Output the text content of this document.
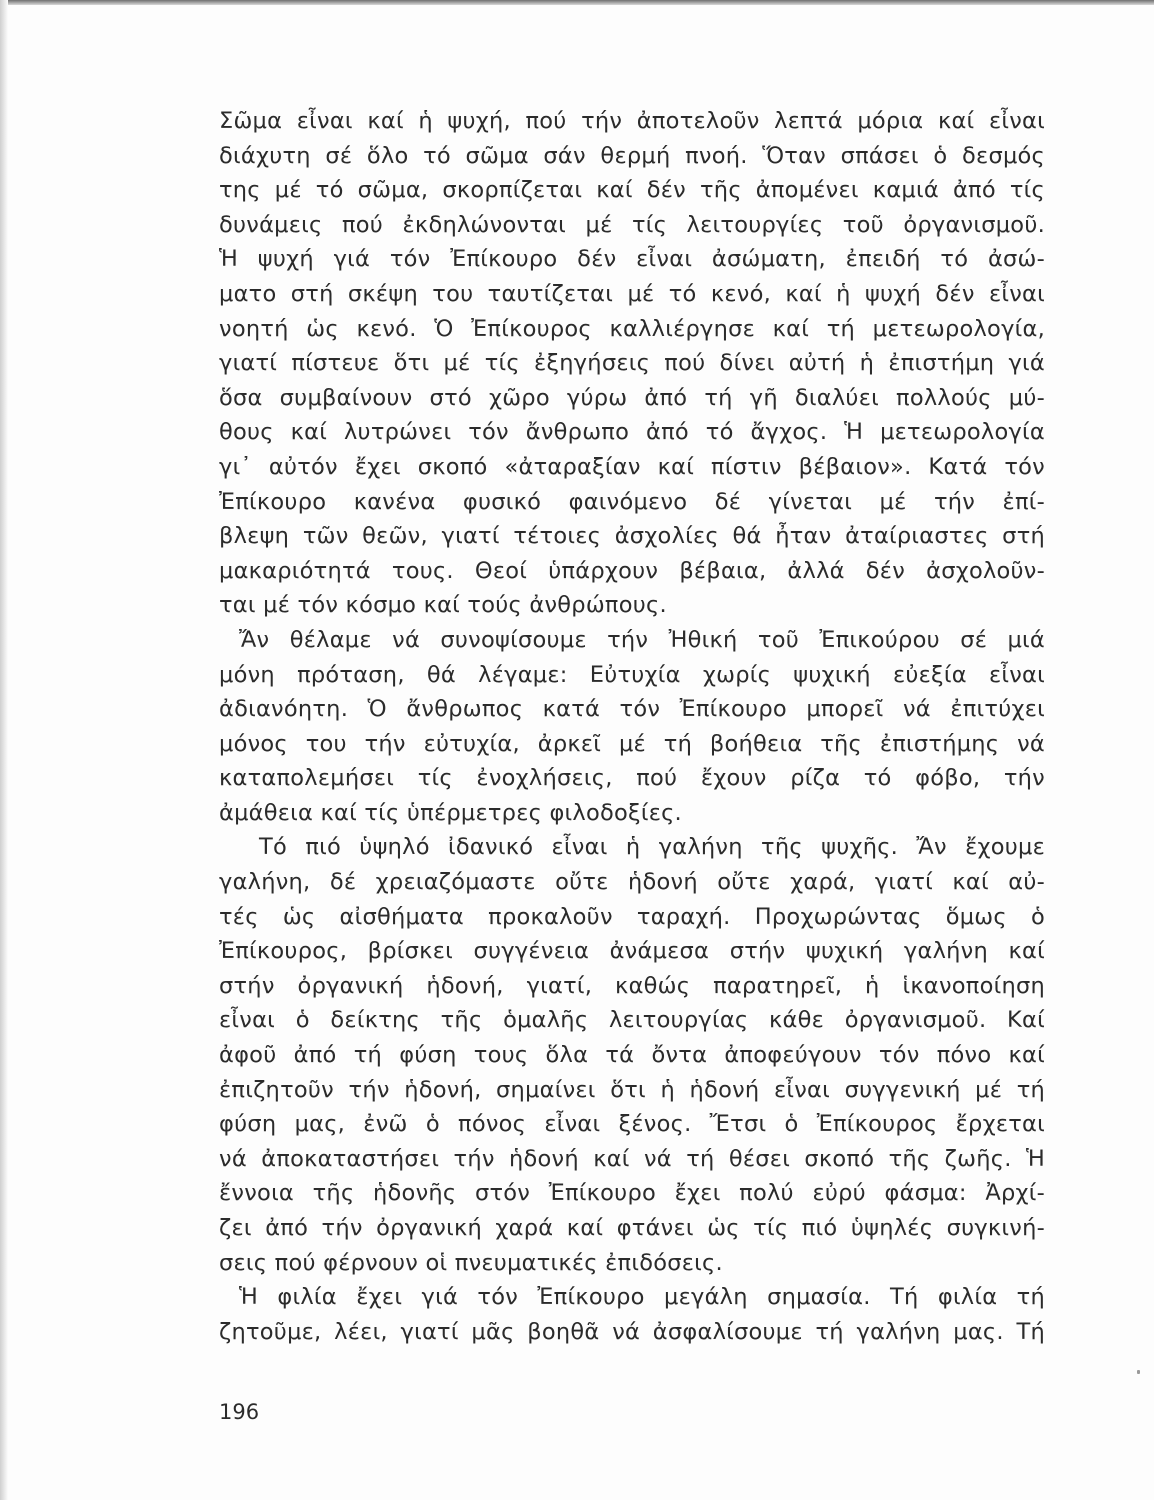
Σῶμα εἶναι καί ἡ ψυχή, πού τήν ἀποτελοῦν λεπτά μόρια καί εἶναι
διάχυτη σέ ὅλο τό σῶμα σάν θερμή πνοή. Ὅταν σπάσει ὁ δεσμός
της μέ τό σῶμα, σκορπίζεται καί δέν τῆς ἀπομένει καμιά ἀπό τίς
δυνάμεις πού ἐκδηλώνονται μέ τίς λειτουργίες τοῦ ὀργανισμοῦ.
Ἡ ψυχή γιά τόν Ἐπίκουρο δέν εἶναι ἀσώματη, ἐπειδή τό ἀσώ-
ματο στή σκέψη του ταυτίζεται μέ τό κενό, καί ἡ ψυχή δέν εἶναι
νοητή ὡς κενό. Ὁ Ἐπίκουρος καλλιέργησε καί τή μετεωρολογία,
γιατί πίστευε ὅτι μέ τίς ἐξηγήσεις πού δίνει αὐτή ἡ ἐπιστήμη γιά
ὅσα συμβαίνουν στό χῶρο γύρω ἀπό τή γῆ διαλύει πολλούς μύ-
θους καί λυτρώνει τόν ἄνθρωπο ἀπό τό ἄγχος. Ἡ μετεωρολογία
γι᾽ αὐτόν ἔχει σκοπό «ἀταραξίαν καί πίστιν βέβαιον». Κατά τόν
Ἐπίκουρο κανένα φυσικό φαινόμενο δέ γίνεται μέ τήν ἐπί-
βλεψη τῶν θεῶν, γιατί τέτοιες ἀσχολίες θά ἦταν ἀταίριαστες στή
μακαριότητά τους. Θεοί ὑπάρχουν βέβαια, ἀλλά δέν ἀσχολοῦν-
ται μέ τόν κόσμο καί τούς ἀνθρώπους.
Ἄν θέλαμε νά συνοψίσουμε τήν Ἠθική τοῦ Ἐπικούρου σέ μιά
μόνη πρόταση, θά λέγαμε: Εὐτυχία χωρίς ψυχική εὐεξία εἶναι
ἀδιανόητη. Ὁ ἄνθρωπος κατά τόν Ἐπίκουρο μπορεῖ νά ἐπιτύχει
μόνος του τήν εὐτυχία, ἀρκεῖ μέ τή βοήθεια τῆς ἐπιστήμης νά
καταπολεμήσει τίς ἐνοχλήσεις, πού ἔχουν ρίζα τό φόβο, τήν
ἀμάθεια καί τίς ὑπέρμετρες φιλοδοξίες.
Τό πιό ὑψηλό ἰδανικό εἶναι ἡ γαλήνη τῆς ψυχῆς. Ἄν ἔχουμε
γαλήνη, δέ χρειαζόμαστε οὔτε ἡδονή οὔτε χαρά, γιατί καί αὐ-
τές ὡς αἰσθήματα προκαλοῦν ταραχή. Προχωρώντας ὅμως ὁ
Ἐπίκουρος, βρίσκει συγγένεια ἀνάμεσα στήν ψυχική γαλήνη καί
στήν ὀργανική ἡδονή, γιατί, καθώς παρατηρεῖ, ἡ ἱκανοποίηση
εἶναι ὁ δείκτης τῆς ὁμαλῆς λειτουργίας κάθε ὀργανισμοῦ. Καί
ἀφοῦ ἀπό τή φύση τους ὅλα τά ὄντα ἀποφεύγουν τόν πόνο καί
ἐπιζητοῦν τήν ἡδονή, σημαίνει ὅτι ἡ ἡδονή εἶναι συγγενική μέ τή
φύση μας, ἐνῶ ὁ πόνος εἶναι ξένος. Ἔτσι ὁ Ἐπίκουρος ἔρχεται
νά ἀποκαταστήσει τήν ἡδονή καί νά τή θέσει σκοπό τῆς ζωῆς. Ἡ
ἔννοια τῆς ἡδονῆς στόν Ἐπίκουρο ἔχει πολύ εὐρύ φάσμα: Ἀρχί-
ζει ἀπό τήν ὀργανική χαρά καί φτάνει ὡς τίς πιό ὑψηλές συγκινή-
σεις πού φέρνουν οἱ πνευματικές ἐπιδόσεις.
Ἡ φιλία ἔχει γιά τόν Ἐπίκουρο μεγάλη σημασία. Τή φιλία τή
ζητοῦμε, λέει, γιατί μᾶς βοηθᾶ νά ἀσφαλίσουμε τή γαλήνη μας. Τή
196
